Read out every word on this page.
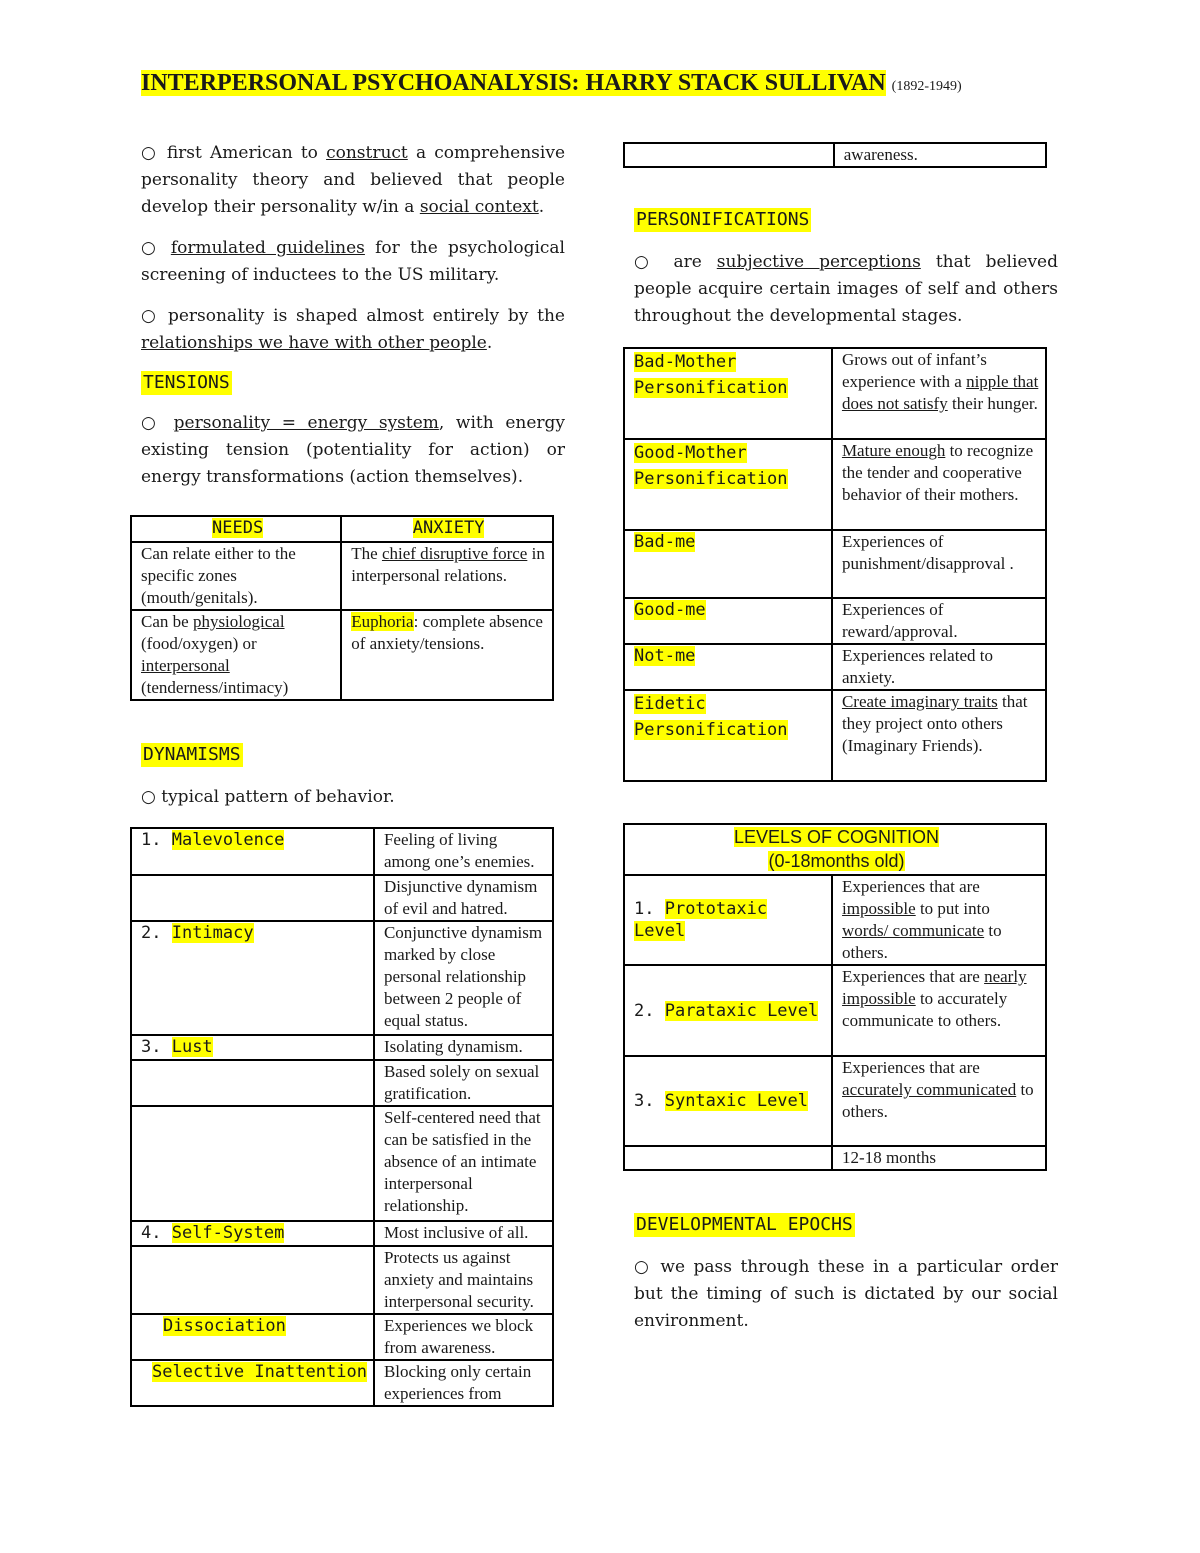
INTERPERSONAL PSYCHOANALYSIS: HARRY STACK SULLIVAN (1892-1949)

○ first American to construct a comprehensive personality theory and believed that people develop their personality w/in a social context.

○ formulated guidelines for the psychological screening of inductees to the US military.

○ personality is shaped almost entirely by the relationships we have with other people.

TENSIONS

○ personality = energy system, with energy existing tension (potentiality for action) or energy transformations (action themselves).

NEEDS	ANXIETY
Can relate either to the specific zones (mouth/genitals).	The chief disruptive force in interpersonal relations.
Can be physiological (food/oxygen) or interpersonal (tenderness/intimacy)	Euphoria: complete absence of anxiety/tensions.
DYNAMISMS

○ typical pattern of behavior.

1. Malevolence	Feeling of living among one’s enemies.
	Disjunctive dynamism of evil and hatred.
2. Intimacy	Conjunctive dynamism marked by close personal relationship between 2 people of equal status.
3. Lust	Isolating dynamism.
	Based solely on sexual gratification.
	Self-centered need that can be satisfied in the absence of an intimate interpersonal relationship.
4. Self-System	Most inclusive of all.
	Protects us against anxiety and maintains interpersonal security.
Dissociation	Experiences we block from awareness.
Selective Inattention	Blocking only certain experiences from
	awareness.
PERSONIFICATIONS

○ are subjective perceptions that believed people acquire certain images of self and others throughout the developmental stages.

Bad-Mother
Personification	Grows out of infant’s experience with a nipple that does not satisfy their hunger.
Good-Mother
Personification	Mature enough to recognize the tender and cooperative behavior of their mothers.
Bad-me	Experiences of punishment/disapproval .
Good-me	Experiences of reward/approval.
Not-me	Experiences related to anxiety.
Eidetic
Personification	Create imaginary traits that they project onto others (Imaginary Friends).
LEVELS OF COGNITION
(0-18months old)	
1. Prototaxic Level	Experiences that are impossible to put into words/ communicate to others.
2. Parataxic Level	Experiences that are nearly impossible to accurately communicate to others.
3. Syntaxic Level	Experiences that are accurately communicated to others.
	12-18 months
DEVELOPMENTAL EPOCHS

○ we pass through these in a particular order but the timing of such is dictated by our social environment.
